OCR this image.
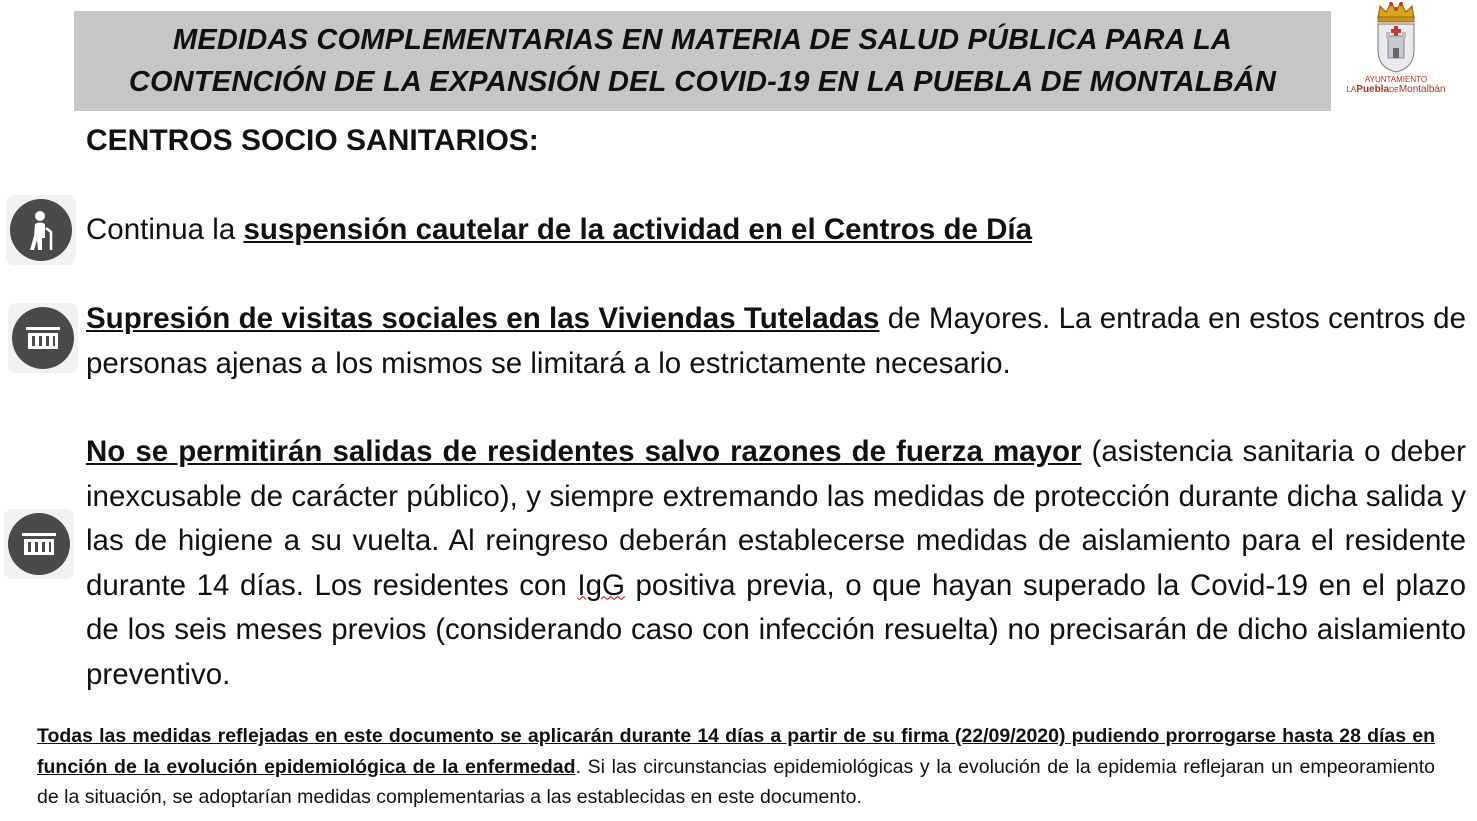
MEDIDAS COMPLEMENTARIAS EN MATERIA DE SALUD PÚBLICA PARA LA
CONTENCIÓN DE LA EXPANSIÓN DEL COVID-19 EN LA PUEBLA DE MONTALBÁN	AYUNTAMIENTO
LAPueblaDEMontalbán
CENTROS SOCIO SANITARIOS:
Continua la suspensión cautelar de la actividad en el Centros de Día
Supresión de visitas sociales en las Viviendas Tuteladas de Mayores. La entrada en estos centros de personas ajenas a los mismos se limitará a lo estrictamente necesario.
No se permitirán salidas de residentes salvo razones de fuerza mayor (asistencia sanitaria o deber inexcusable de carácter público), y siempre extremando las medidas de protección durante dicha salida y las de higiene a su vuelta. Al reingreso deberán establecerse medidas de aislamiento para el residente durante 14 días. Los residentes con IgG positiva previa, o que hayan superado la Covid-19 en el plazo de los seis meses previos (considerando caso con infección resuelta) no precisarán de dicho aislamiento preventivo.
Todas las medidas reflejadas en este documento se aplicarán durante 14 días a partir de su firma (22/09/2020) pudiendo prorrogarse hasta 28 días en función de la evolución epidemiológica de la enfermedad. Si las circunstancias epidemiológicas y la evolución de la epidemia reflejaran un empeoramiento de la situación, se adoptarían medidas complementarias a las establecidas en este documento.
